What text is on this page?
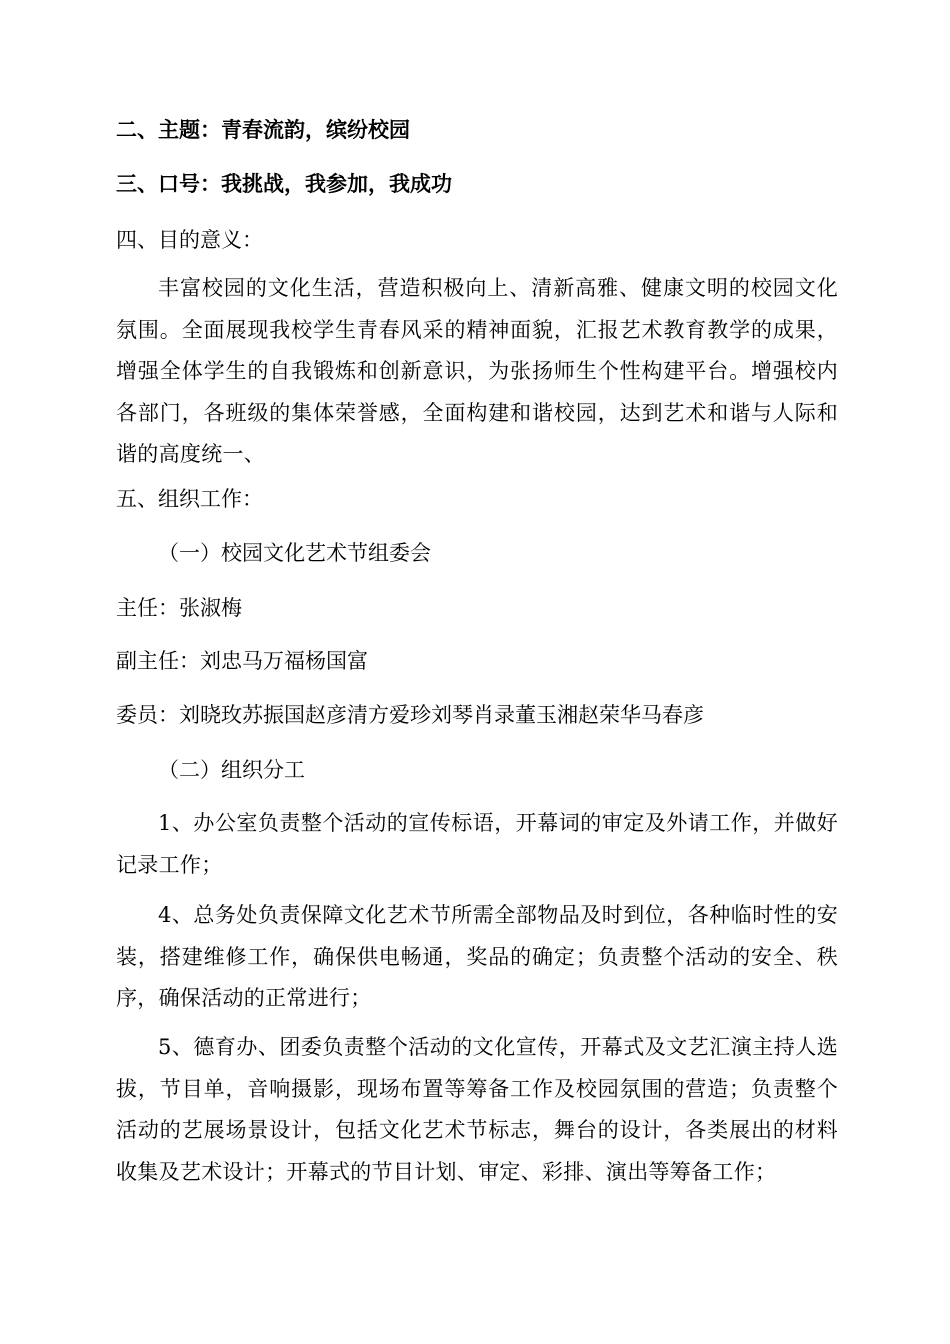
二、主题：青春流韵，缤纷校园

三、口号：我挑战，我参加，我成功

四、目的意义：

丰富校园的文化生活，营造积极向上、清新高雅、健康文明的校园文化氛围。全面展现我校学生青春风采的精神面貌，汇报艺术教育教学的成果，增强全体学生的自我锻炼和创新意识，为张扬师生个性构建平台。增强校内各部门，各班级的集体荣誉感，全面构建和谐校园，达到艺术和谐与人际和谐的高度统一、

五、组织工作：

（一）校园文化艺术节组委会

主任：张淑梅

副主任：刘忠马万福杨国富

委员：刘晓玫苏振国赵彦清方爱珍刘琴肖录董玉湘赵荣华马春彦

（二）组织分工

1、办公室负责整个活动的宣传标语，开幕词的审定及外请工作，并做好记录工作；

4、总务处负责保障文化艺术节所需全部物品及时到位，各种临时性的安装，搭建维修工作，确保供电畅通，奖品的确定；负责整个活动的安全、秩序，确保活动的正常进行；

5、德育办、团委负责整个活动的文化宣传，开幕式及文艺汇演主持人选拔，节目单，音响摄影，现场布置等筹备工作及校园氛围的营造；负责整个活动的艺展场景设计，包括文化艺术节标志，舞台的设计，各类展出的材料收集及艺术设计；开幕式的节目计划、审定、彩排、演出等筹备工作；
